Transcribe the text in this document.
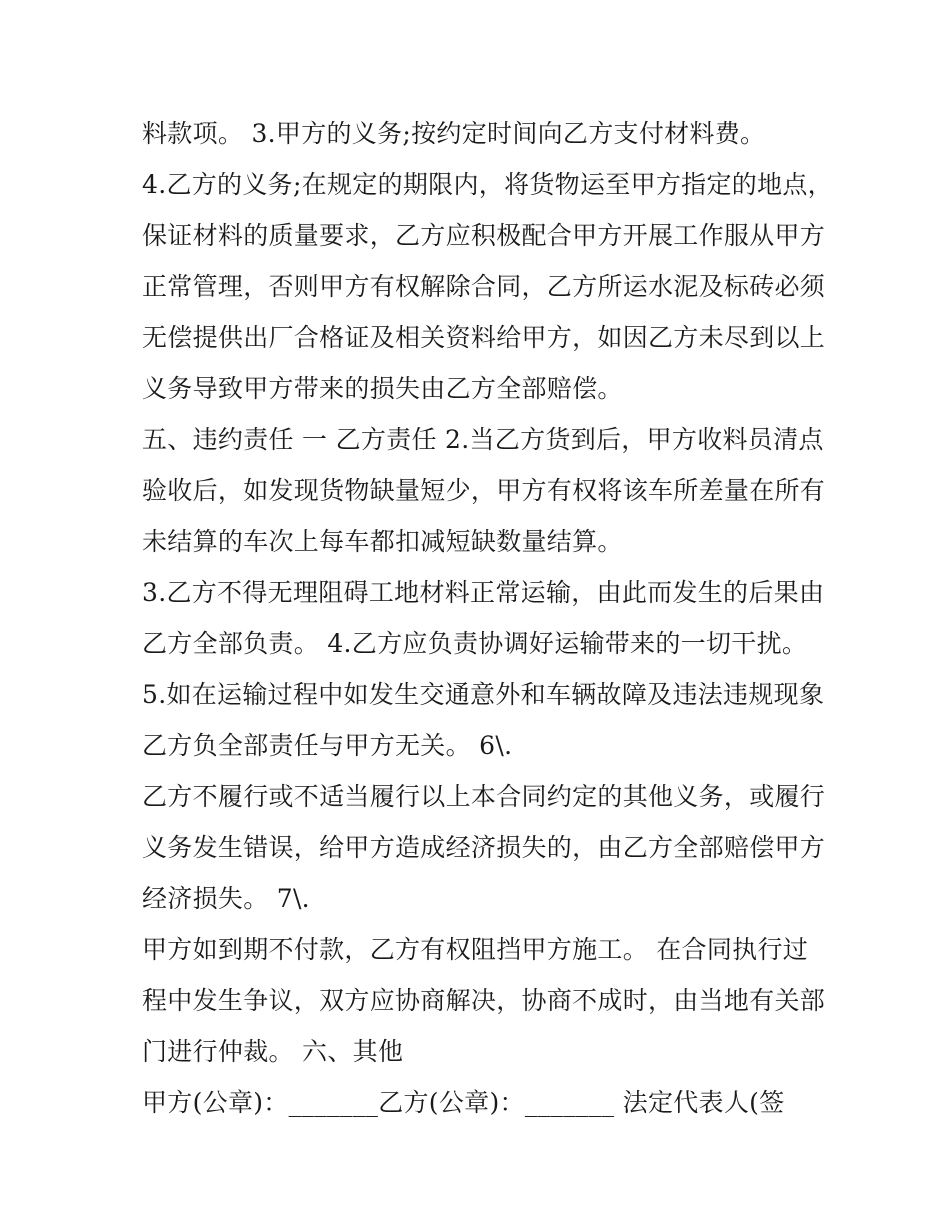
料款项。 3.甲方的义务;按约定时间向乙方支付材料费。
4.乙方的义务;在规定的期限内，将货物运至甲方指定的地点，
保证材料的质量要求，乙方应积极配合甲方开展工作服从甲方
正常管理，否则甲方有权解除合同，乙方所运水泥及标砖必须
无偿提供出厂合格证及相关资料给甲方，如因乙方未尽到以上
义务导致甲方带来的损失由乙方全部赔偿。
五、违约责任 一 乙方责任 2.当乙方货到后，甲方收料员清点
验收后，如发现货物缺量短少，甲方有权将该车所差量在所有
未结算的车次上每车都扣减短缺数量结算。
3.乙方不得无理阻碍工地材料正常运输，由此而发生的后果由
乙方全部负责。 4.乙方应负责协调好运输带来的一切干扰。
5.如在运输过程中如发生交通意外和车辆故障及违法违规现象
乙方负全部责任与甲方无关。 6\.
乙方不履行或不适当履行以上本合同约定的其他义务，或履行
义务发生错误，给甲方造成经济损失的，由乙方全部赔偿甲方
经济损失。 7\.
甲方如到期不付款，乙方有权阻挡甲方施工。 在合同执行过
程中发生争议，双方应协商解决，协商不成时，由当地有关部
门进行仲裁。 六、其他
甲方(公章)：_______乙方(公章)：_______ 法定代表人(签
